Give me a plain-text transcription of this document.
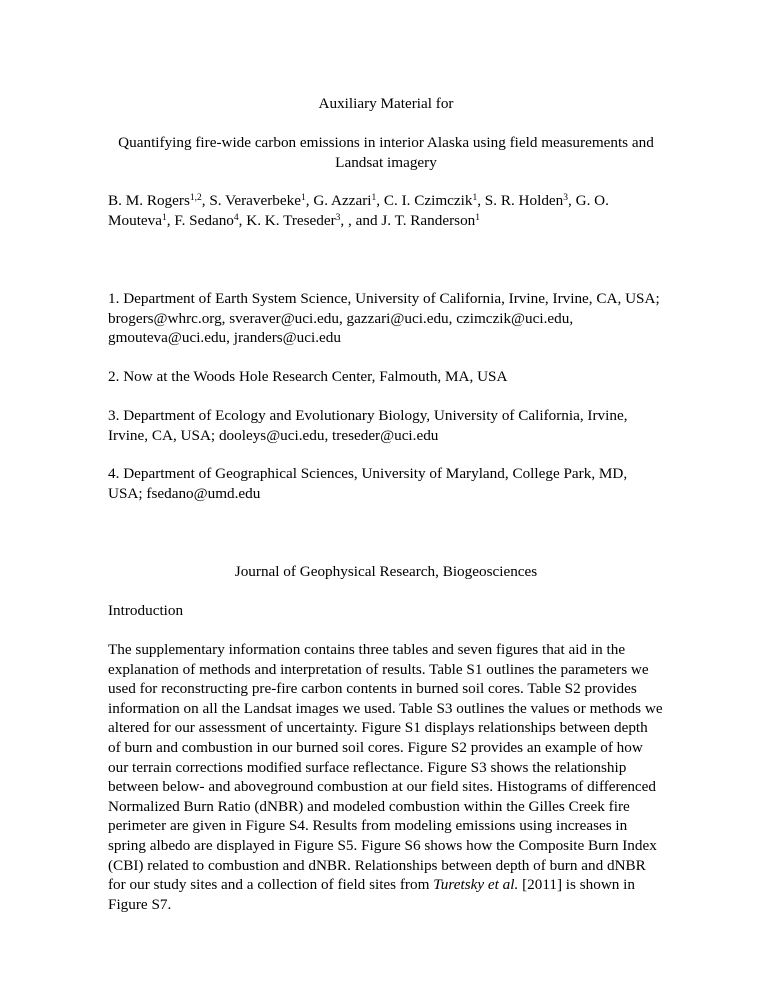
Auxiliary Material for
Quantifying fire-wide carbon emissions in interior Alaska using field measurements and Landsat imagery
B. M. Rogers$^{1,2}$, S. Veraverbeke$^1$, G. Azzari$^1$, C. I. Czimczik$^1$, S. R. Holden$^3$, G. O. Mouteva$^1$, F. Sedano$^4$, K. K. Treseder$^3$, , and J. T. Randerson$^1$
1. Department of Earth System Science, University of California, Irvine, Irvine, CA, USA; brogers@whrc.org, sveraver@uci.edu, gazzari@uci.edu, czimczik@uci.edu, gmouteva@uci.edu, jranders@uci.edu
2. Now at the Woods Hole Research Center, Falmouth, MA, USA
3. Department of Ecology and Evolutionary Biology, University of California, Irvine, Irvine, CA, USA; dooleys@uci.edu, treseder@uci.edu
4. Department of Geographical Sciences, University of Maryland, College Park, MD, USA; fsedano@umd.edu
Journal of Geophysical Research, Biogeosciences
Introduction
The supplementary information contains three tables and seven figures that aid in the explanation of methods and interpretation of results. Table S1 outlines the parameters we used for reconstructing pre-fire carbon contents in burned soil cores. Table S2 provides information on all the Landsat images we used. Table S3 outlines the values or methods we altered for our assessment of uncertainty. Figure S1 displays relationships between depth of burn and combustion in our burned soil cores. Figure S2 provides an example of how our terrain corrections modified surface reflectance. Figure S3 shows the relationship between below- and aboveground combustion at our field sites. Histograms of differenced Normalized Burn Ratio (dNBR) and modeled combustion within the Gilles Creek fire perimeter are given in Figure S4. Results from modeling emissions using increases in spring albedo are displayed in Figure S5. Figure S6 shows how the Composite Burn Index (CBI) related to combustion and dNBR. Relationships between depth of burn and dNBR for our study sites and a collection of field sites from Turetsky et al. [2011] is shown in Figure S7.
